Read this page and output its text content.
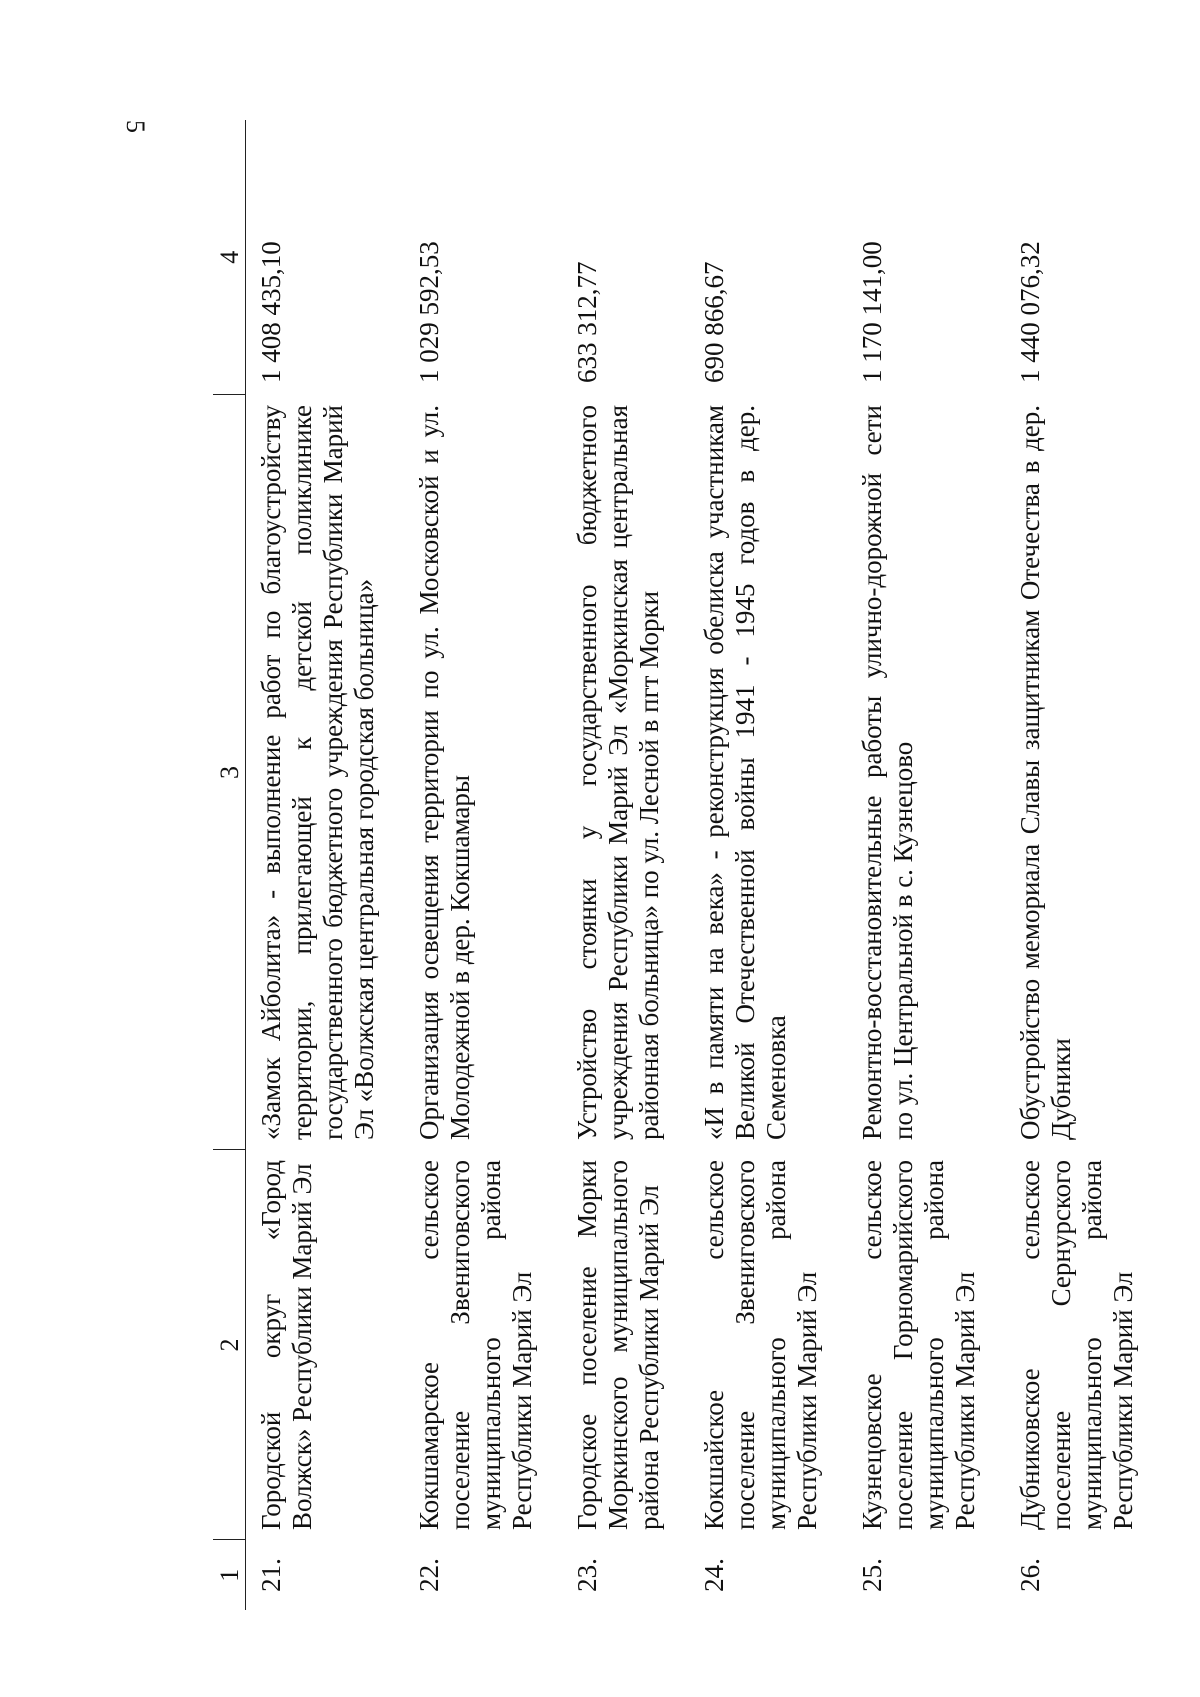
5
1	2	3	4
21.	Городской округ «Город Волжск» Республики Марий Эл	«Замок Айболита» - выполнение работ по благоустройству территории, прилегающей к детской поликлинике государственного бюджетного учреждения Республики Марий Эл «Волжская центральная городская больница»	1 408 435,10
22.	Кокшамарское сельское поселение Звениговского муниципального района Республики Марий Эл	Организация освещения территории по ул. Московской и ул. Молодежной в дер. Кокшамары	1 029 592,53
23.	Городское поселение Морки Моркинского муниципального района Республики Марий Эл	Устройство стоянки у государственного бюджетного учреждения Республики Марий Эл «Моркинская центральная районная больница» по ул. Лесной в пгт Морки	633 312,77
24.	Кокшайское сельское поселение Звениговского муниципального района Республики Марий Эл	«И в памяти на века» - реконструкция обелиска участникам Великой Отечественной войны 1941 - 1945 годов в дер. Семеновка	690 866,67
25.	Кузнецовское сельское поселение Горномарийского муниципального района Республики Марий Эл	Ремонтно-восстановительные работы улично-дорожной сети по ул. Центральной в с. Кузнецово	1 170 141,00
26.	Дубниковское сельское поселение Сернурского муниципального района Республики Марий Эл	Обустройство мемориала Славы защитникам Отечества в дер. Дубники	1 440 076,32
